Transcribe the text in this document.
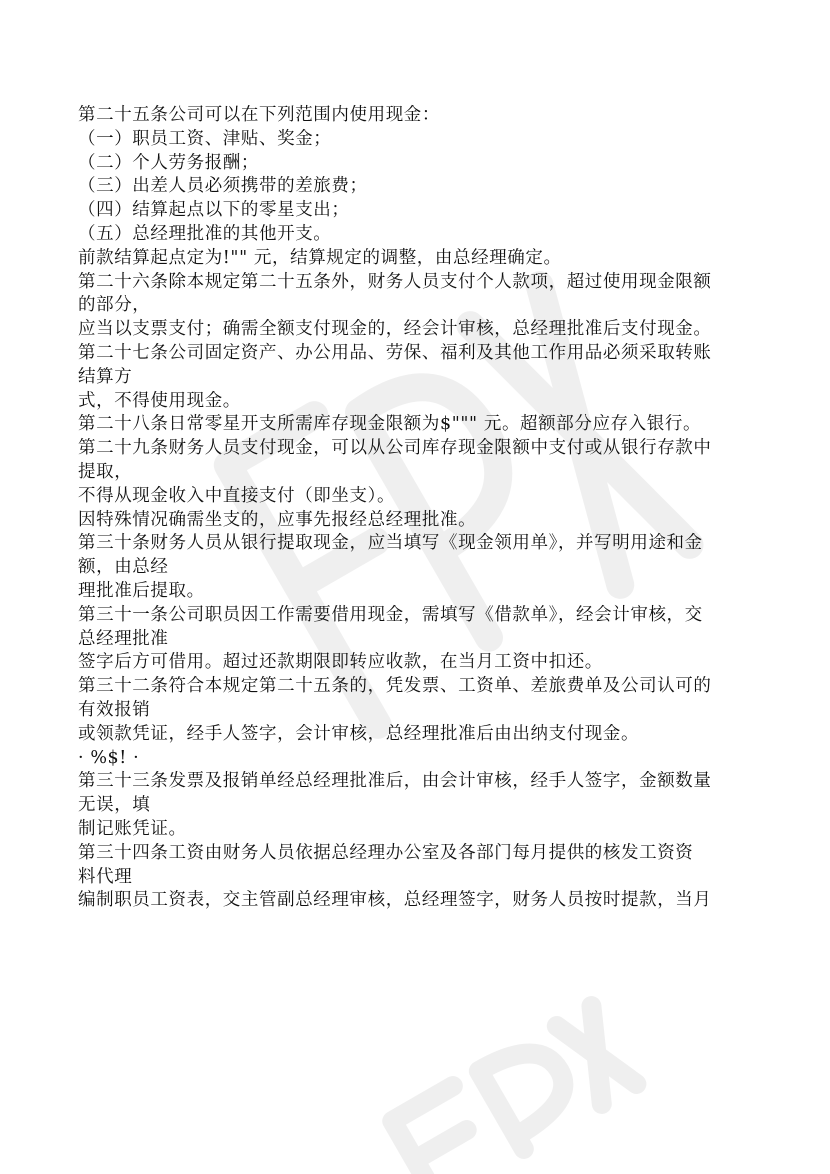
第二十五条公司可以在下列范围内使用现金：

（一）职员工资、津贴、奖金；

（二）个人劳务报酬；

（三）出差人员必须携带的差旅费；

（四）结算起点以下的零星支出；

（五）总经理批准的其他开支。

前款结算起点定为!"" 元，结算规定的调整，由总经理确定。

第二十六条除本规定第二十五条外，财务人员支付个人款项，超过使用现金限额

的部分，

应当以支票支付；确需全额支付现金的，经会计审核，总经理批准后支付现金。

第二十七条公司固定资产、办公用品、劳保、福利及其他工作用品必须采取转账

结算方

式，不得使用现金。

第二十八条日常零星开支所需库存现金限额为$""" 元。超额部分应存入银行。

第二十九条财务人员支付现金，可以从公司库存现金限额中支付或从银行存款中

提取，

不得从现金收入中直接支付（即坐支）。

因特殊情况确需坐支的，应事先报经总经理批准。

第三十条财务人员从银行提取现金，应当填写《现金领用单》，并写明用途和金

额，由总经

理批准后提取。

第三十一条公司职员因工作需要借用现金，需填写《借款单》，经会计审核，交

总经理批准

签字后方可借用。超过还款期限即转应收款，在当月工资中扣还。

第三十二条符合本规定第二十五条的，凭发票、工资单、差旅费单及公司认可的

有效报销

或领款凭证，经手人签字，会计审核，总经理批准后由出纳支付现金。

· %$! ·

第三十三条发票及报销单经总经理批准后，由会计审核，经手人签字，金额数量

无误，填

制记账凭证。

第三十四条工资由财务人员依据总经理办公室及各部门每月提供的核发工资资

料代理

编制职员工资表，交主管副总经理审核，总经理签字，财务人员按时提款，当月
